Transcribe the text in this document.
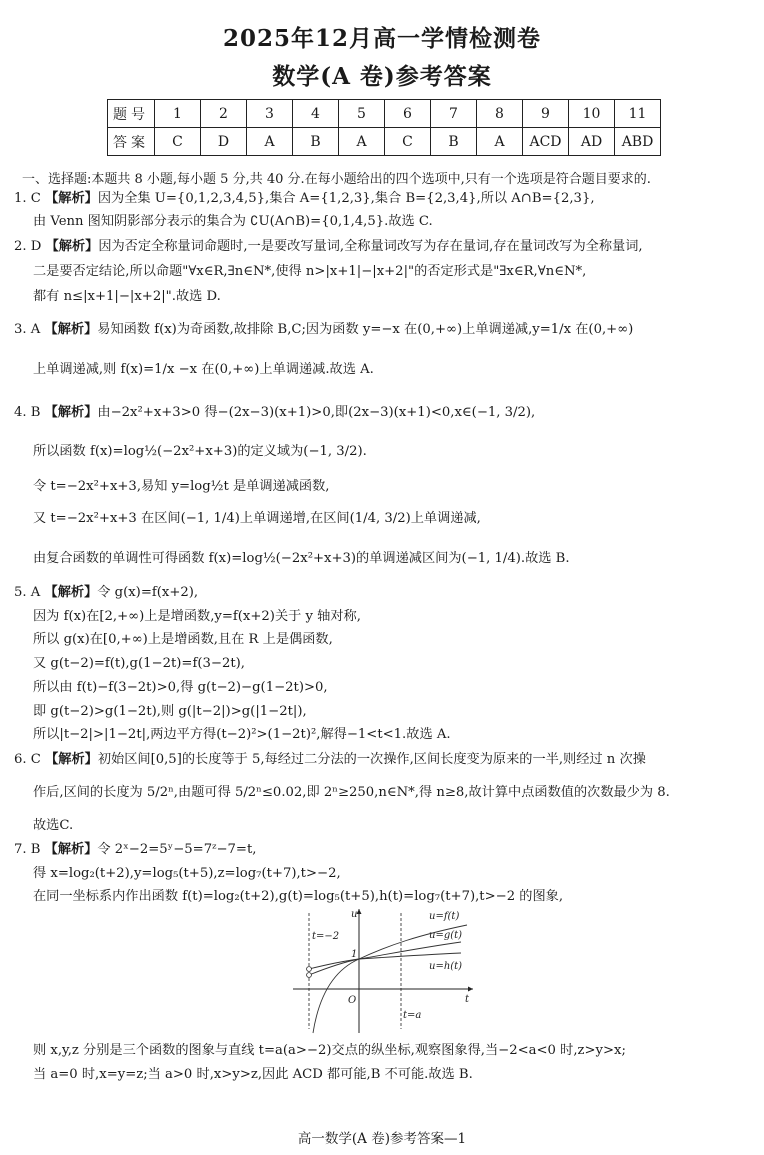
2025年12月高一学情检测卷
数学(A 卷)参考答案
题号	1	2	3	4	5	6	7	8	9	10	11
答案	C	D	A	B	A	C	B	A	ACD	AD	ABD
一、选择题:本题共 8 小题,每小题 5 分,共 40 分.在每小题给出的四个选项中,只有一个选项是符合题目要求的.
1. C 【解析】因为全集 U={0,1,2,3,4,5},集合 A={1,2,3},集合 B={2,3,4},所以 A∩B={2,3},
由 Venn 图知阴影部分表示的集合为 ∁U(A∩B)={0,1,4,5}.故选 C.
2. D 【解析】因为否定全称量词命题时,一是要改写量词,全称量词改写为存在量词,存在量词改写为全称量词,
二是要否定结论,所以命题"∀x∈R,∃n∈N*,使得 n>|x+1|−|x+2|"的否定形式是"∃x∈R,∀n∈N*,
都有 n≤|x+1|−|x+2|".故选 D.
3. A 【解析】易知函数 f(x)为奇函数,故排除 B,C;因为函数 y=−x 在(0,+∞)上单调递减,y=1/x 在(0,+∞)
上单调递减,则 f(x)=1/x −x 在(0,+∞)上单调递减.故选 A.
4. B 【解析】由−2x²+x+3>0 得−(2x−3)(x+1)>0,即(2x−3)(x+1)<0,x∈(−1, 3/2),
所以函数 f(x)=log½(−2x²+x+3)的定义域为(−1, 3/2).
令 t=−2x²+x+3,易知 y=log½t 是单调递减函数,
又 t=−2x²+x+3 在区间(−1, 1/4)上单调递增,在区间(1/4, 3/2)上单调递减,
由复合函数的单调性可得函数 f(x)=log½(−2x²+x+3)的单调递减区间为(−1, 1/4).故选 B.
5. A 【解析】令 g(x)=f(x+2),
因为 f(x)在[2,+∞)上是增函数,y=f(x+2)关于 y 轴对称,
所以 g(x)在[0,+∞)上是增函数,且在 R 上是偶函数,
又 g(t−2)=f(t),g(1−2t)=f(3−2t),
所以由 f(t)−f(3−2t)>0,得 g(t−2)−g(1−2t)>0,
即 g(t−2)>g(1−2t),则 g(|t−2|)>g(|1−2t|),
所以|t−2|>|1−2t|,两边平方得(t−2)²>(1−2t)²,解得−1<t<1.故选 A.
6. C 【解析】初始区间[0,5]的长度等于 5,每经过二分法的一次操作,区间长度变为原来的一半,则经过 n 次操
作后,区间的长度为 5/2ⁿ,由题可得 5/2ⁿ≤0.02,即 2ⁿ≥250,n∈N*,得 n≥8,故计算中点函数值的次数最少为 8.
故选C.
7. B 【解析】令 2ˣ−2=5ʸ−5=7ᶻ−7=t,
得 x=log₂(t+2),y=log₅(t+5),z=log₇(t+7),t>−2,
在同一坐标系内作出函数 f(t)=log₂(t+2),g(t)=log₅(t+5),h(t)=log₇(t+7),t>−2 的图象,
u
t
O
1
t=−2
t=a
u=f(t)
u=g(t)
u=h(t)
则 x,y,z 分别是三个函数的图象与直线 t=a(a>−2)交点的纵坐标,观察图象得,当−2<a<0 时,z>y>x;
当 a=0 时,x=y=z;当 a>0 时,x>y>z,因此 ACD 都可能,B 不可能.故选 B.
高一数学(A 卷)参考答案—1
